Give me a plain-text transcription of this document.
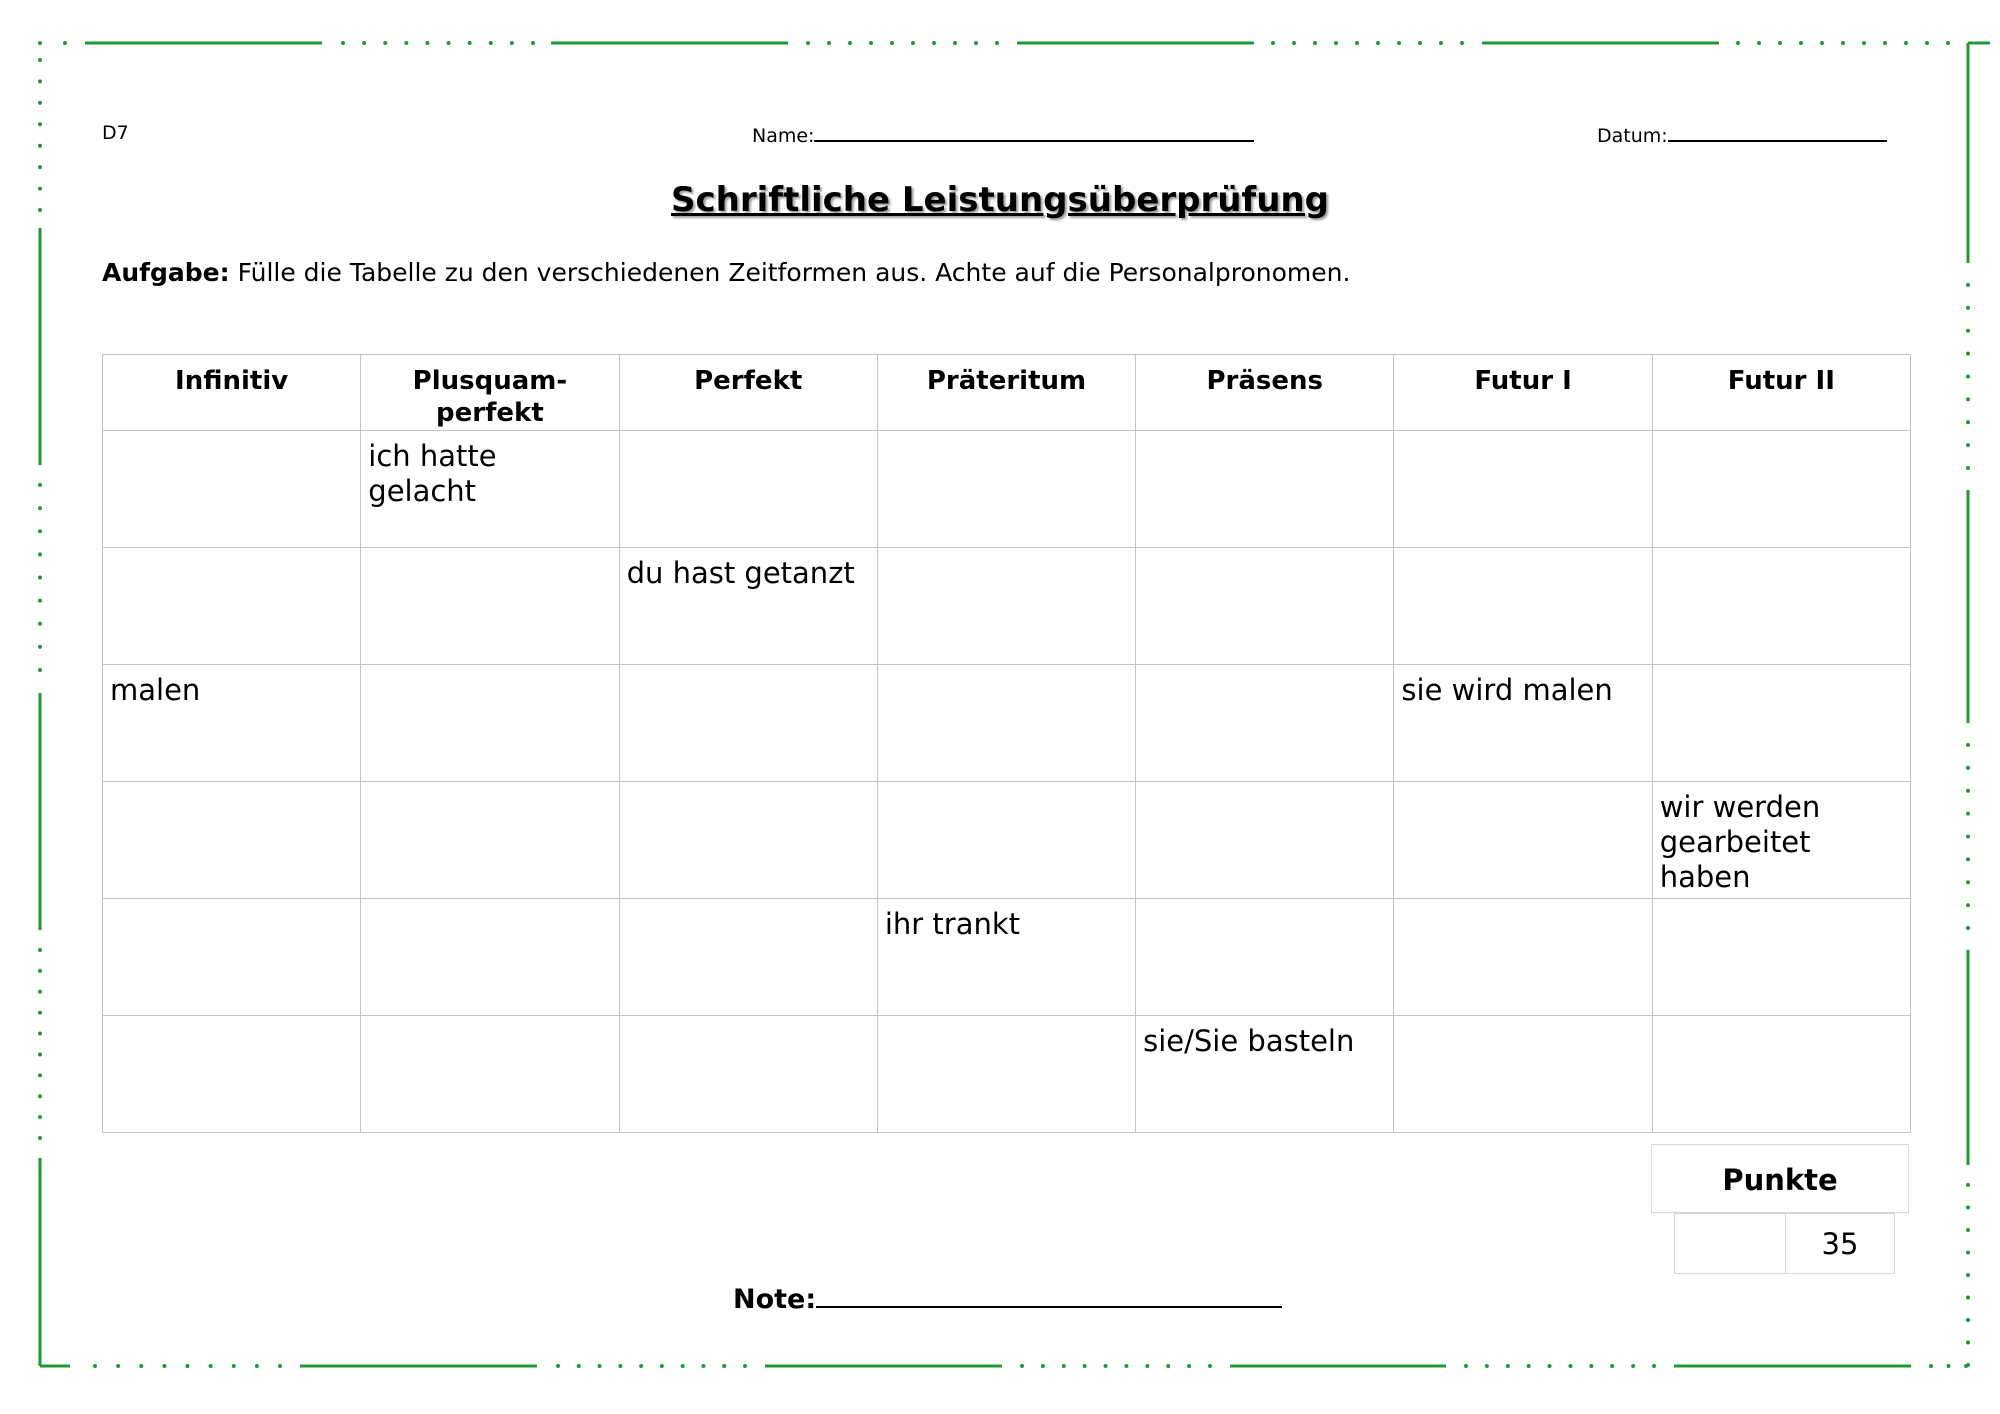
D7	Name:	Datum:
Schriftliche Leistungsüberprüfung
Aufgabe: Fülle die Tabelle zu den verschiedenen Zeitformen aus. Achte auf die Personalpronomen.
Infinitiv	Plusquam-
perfekt	Perfekt	Präteritum	Präsens	Futur I	Futur II

	ich hatte gelacht					
		du hast getanzt				
malen					sie wird malen	
						wir werden gearbeitet haben
			ihr trankt			
				sie/Sie basteln		
Punkte
35
Note:
